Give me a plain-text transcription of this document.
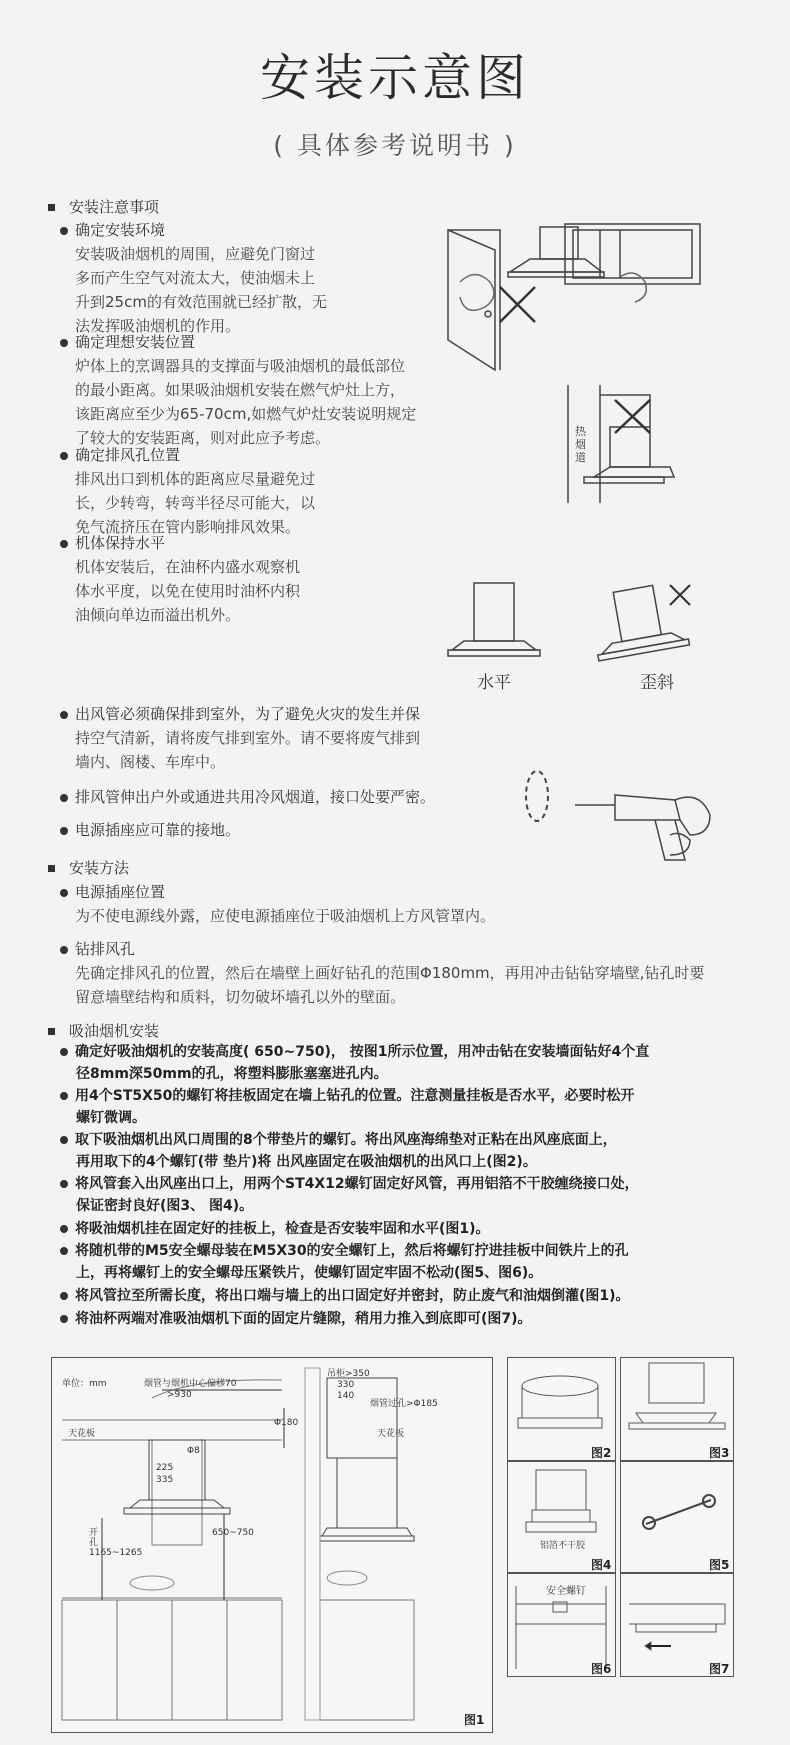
安装示意图
( 具体参考说明书 )
安装注意事项
确定安装环境
安装吸油烟机的周围，应避免门窗过
多而产生空气对流太大，使油烟未上
升到25cm的有效范围就已经扩散，无
法发挥吸油烟机的作用。
确定理想安装位置
炉体上的烹调器具的支撑面与吸油烟机的最低部位
的最小距离。如果吸油烟机安装在燃气炉灶上方，
该距离应至少为65-70cm,如燃气炉灶安装说明规定
了较大的安装距离，则对此应予考虑。
确定排风孔位置
排风出口到机体的距离应尽量避免过
长，少转弯，转弯半径尽可能大，以
免气流挤压在管内影响排风效果。
机体保持水平
机体安装后，在油杯内盛水观察机
体水平度，以免在使用时油杯内积
油倾向单边而溢出机外。
出风管必须确保排到室外，为了避免火灾的发生并保
持空气清新，请将废气排到室外。请不要将废气排到
墙内、阁楼、车库中。
排风管伸出户外或通进共用冷风烟道，接口处要严密。
电源插座应可靠的接地。
安装方法
电源插座位置
为不使电源线外露，应使电源插座位于吸油烟机上方风管罩内。
钻排风孔
先确定排风孔的位置，然后在墙壁上画好钻孔的范围Φ180mm，再用冲击钻钻穿墙壁,钻孔时要
留意墙壁结构和质料，切勿破坏墙孔以外的壁面。
吸油烟机安装
确定好吸油烟机的安装高度( 650~750)， 按图1所示位置，用冲击钻在安装墙面钻好4个直
径8mm深50mm的孔，将塑料膨胀塞塞进孔内。
用4个ST5X50的螺钉将挂板固定在墙上钻孔的位置。注意测量挂板是否水平，必要时松开
螺钉微调。
取下吸油烟机出风口周围的8个带垫片的螺钉。将出风座海绵垫对正粘在出风座底面上，
再用取下的4个螺钉(带 垫片)将 出风座固定在吸油烟机的出风口上(图2)。
将风管套入出风座出口上，用两个ST4X12螺钉固定好风管，再用铝箔不干胶缠绕接口处，
保证密封良好(图3、 图4)。
将吸油烟机挂在固定好的挂板上，检查是否安装牢固和水平(图1)。
将随机带的M5安全螺母装在M5X30的安全螺钉上，然后将螺钉拧进挂板中间铁片上的孔
上，再将螺钉上的安全螺母压紧铁片，使螺钉固定牢固不松动(图5、图6)。
将风管拉至所需长度，将出口端与墙上的出口固定好并密封，防止废气和油烟倒灌(图1)。
将油杯两端对准吸油烟机下面的固定片缝隙，稍用力推入到底即可(图7)。
热烟道
水平	歪斜
单位：mm	烟管与烟机中心偏移70
>930
天花板
Φ8
225
335
Φ180
开孔1165~1265
650~750
吊柜>350
330
140
烟管过孔>Φ185
天花板
图1
图2	图3
铝箔不干胶
图4	图5
安全螺钉
图6	图7
